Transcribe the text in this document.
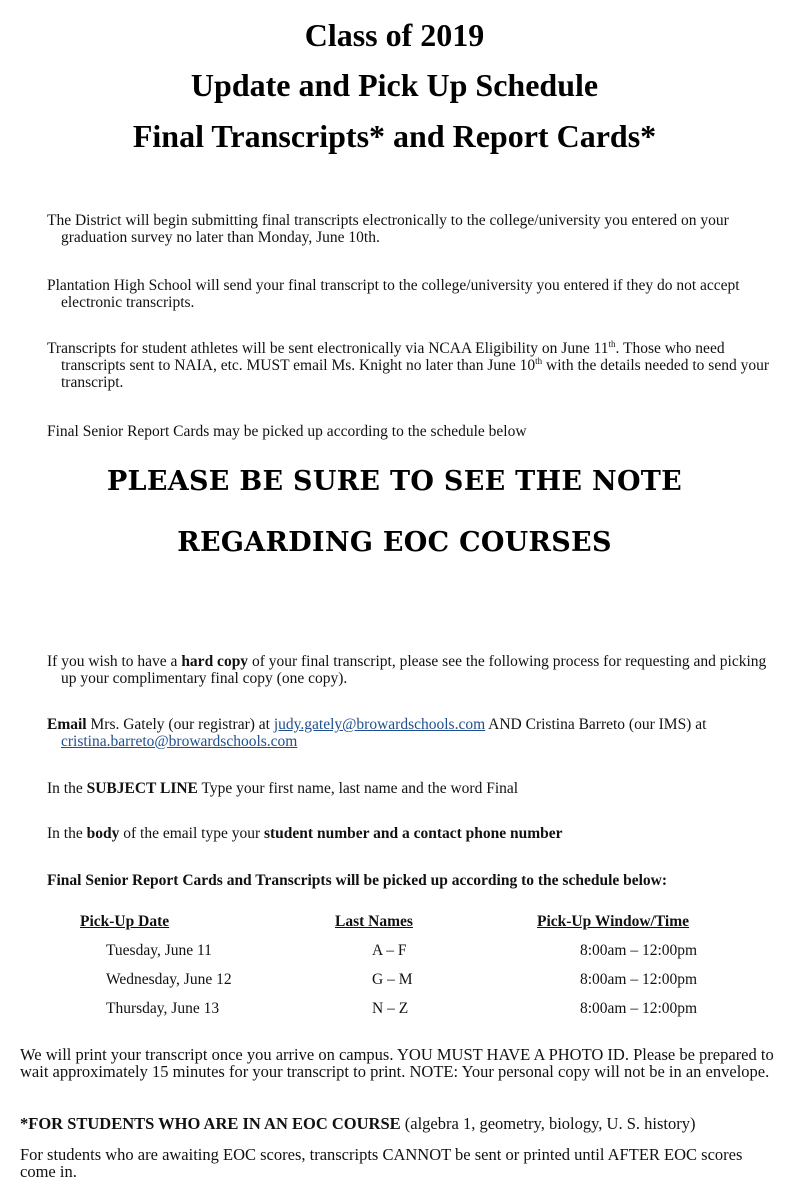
Class of 2019
Update and Pick Up Schedule
Final Transcripts* and Report Cards*
The District will begin submitting final transcripts electronically to the college/university you entered on your graduation survey no later than Monday, June 10th.
Plantation High School will send your final transcript to the college/university you entered if they do not accept electronic transcripts.
Transcripts for student athletes will be sent electronically via NCAA Eligibility on June 11th. Those who need transcripts sent to NAIA, etc. MUST email Ms. Knight no later than June 10th with the details needed to send your transcript.
Final Senior Report Cards may be picked up according to the schedule below
PLEASE BE SURE TO SEE THE NOTE
REGARDING EOC COURSES
If you wish to have a hard copy of your final transcript, please see the following process for requesting and picking up your complimentary final copy (one copy).
Email Mrs. Gately (our registrar) at judy.gately@browardschools.com AND Cristina Barreto (our IMS) at cristina.barreto@browardschools.com
In the SUBJECT LINE Type your first name, last name and the word Final
In the body of the email type your student number and a contact phone number
Final Senior Report Cards and Transcripts will be picked up according to the schedule below:
Pick-Up Date	Last Names	Pick-Up Window/Time
Tuesday, June 11	A – F	8:00am – 12:00pm
Wednesday, June 12	G – M	8:00am – 12:00pm
Thursday, June 13	N – Z	8:00am – 12:00pm
We will print your transcript once you arrive on campus. YOU MUST HAVE A PHOTO ID. Please be prepared to wait approximately 15 minutes for your transcript to print. NOTE: Your personal copy will not be in an envelope.
*FOR STUDENTS WHO ARE IN AN EOC COURSE (algebra 1, geometry, biology, U. S. history)
For students who are awaiting EOC scores, transcripts CANNOT be sent or printed until AFTER EOC scores come in.
